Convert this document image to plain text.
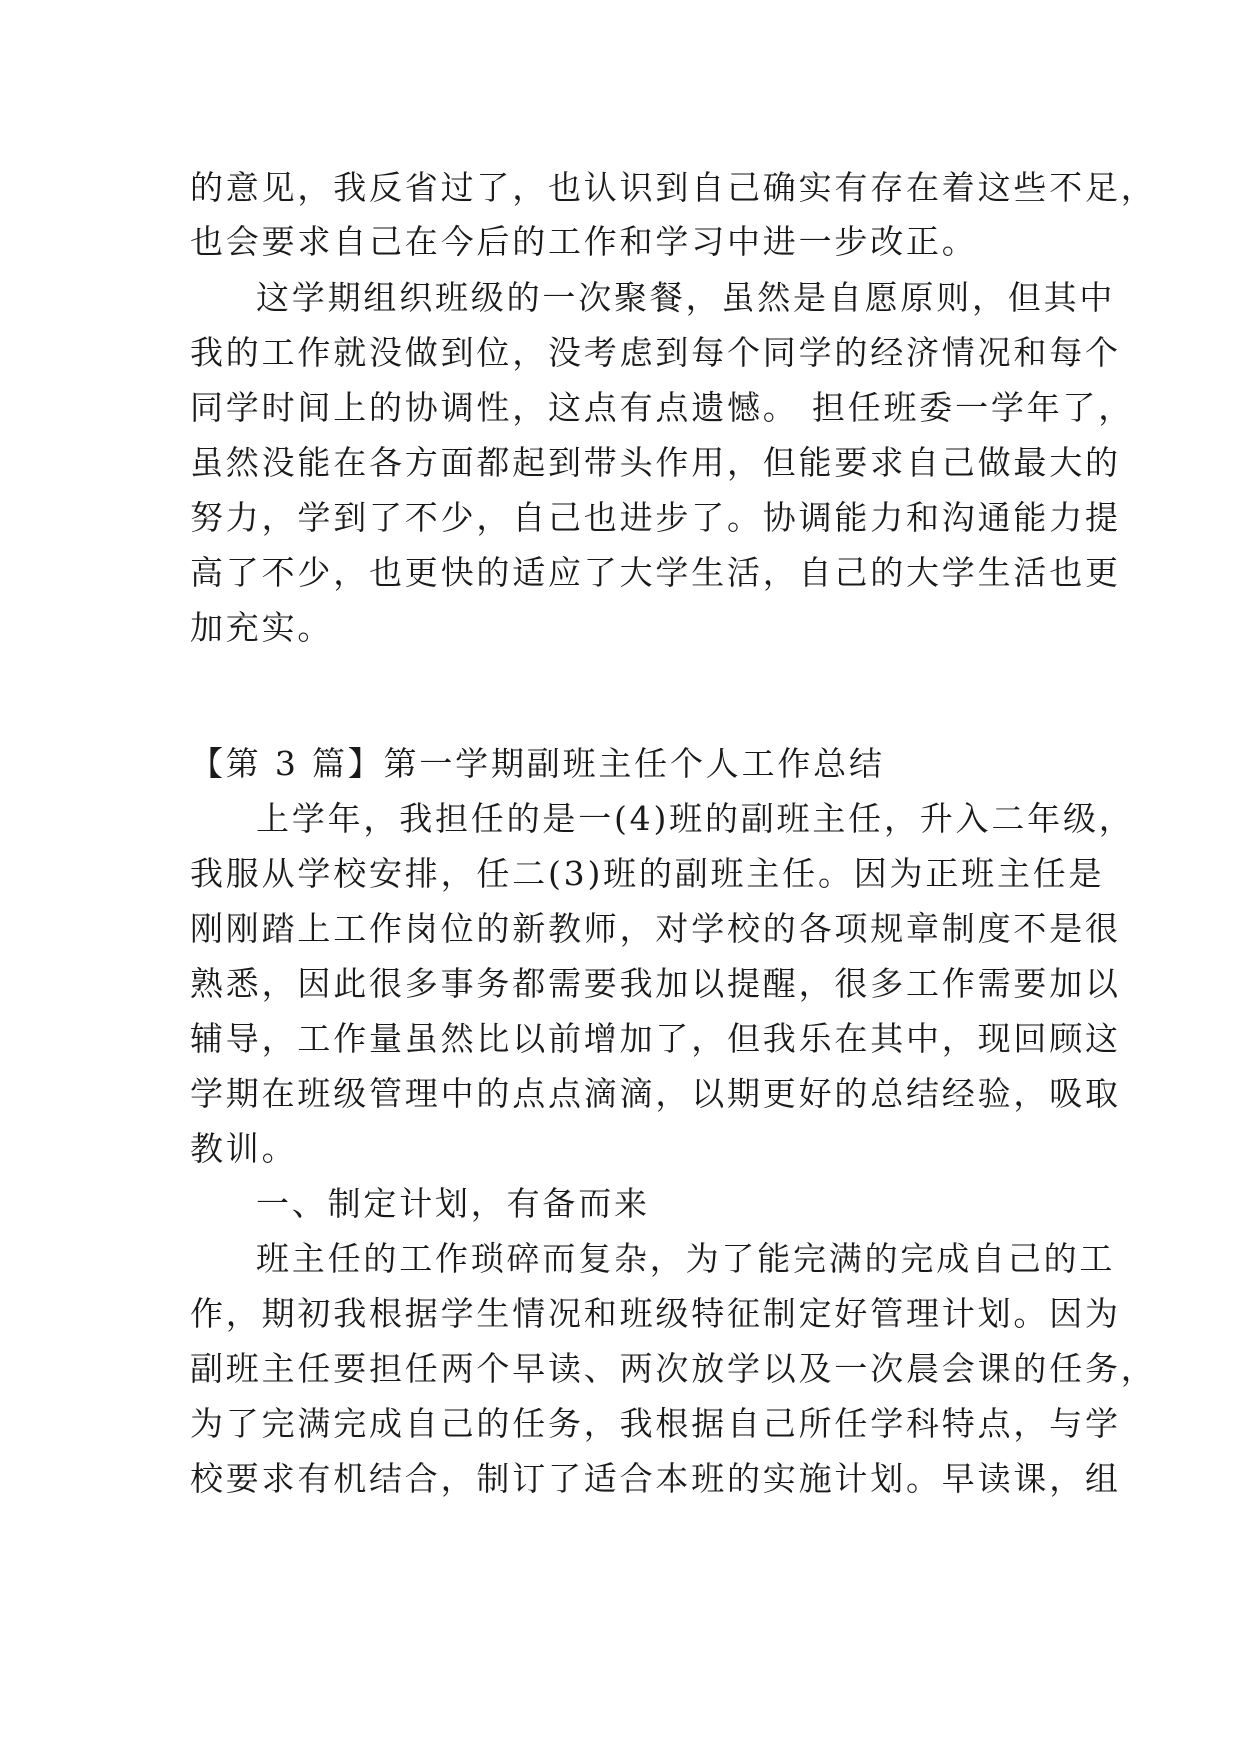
的意见，我反省过了，也认识到自己确实有存在着这些不足，
也会要求自己在今后的工作和学习中进一步改正。
这学期组织班级的一次聚餐，虽然是自愿原则，但其中
我的工作就没做到位，没考虑到每个同学的经济情况和每个
同学时间上的协调性，这点有点遗憾。 担任班委一学年了，
虽然没能在各方面都起到带头作用，但能要求自己做最大的
努力，学到了不少，自己也进步了。协调能力和沟通能力提
高了不少，也更快的适应了大学生活，自己的大学生活也更
加充实。
【第 3 篇】第一学期副班主任个人工作总结
上学年，我担任的是一(4)班的副班主任，升入二年级，
我服从学校安排，任二(3)班的副班主任。因为正班主任是
刚刚踏上工作岗位的新教师，对学校的各项规章制度不是很
熟悉，因此很多事务都需要我加以提醒，很多工作需要加以
辅导，工作量虽然比以前增加了，但我乐在其中，现回顾这
学期在班级管理中的点点滴滴，以期更好的总结经验，吸取
教训。
一、制定计划，有备而来
班主任的工作琐碎而复杂，为了能完满的完成自己的工
作，期初我根据学生情况和班级特征制定好管理计划。因为
副班主任要担任两个早读、两次放学以及一次晨会课的任务，
为了完满完成自己的任务，我根据自己所任学科特点，与学
校要求有机结合，制订了适合本班的实施计划。早读课，组
